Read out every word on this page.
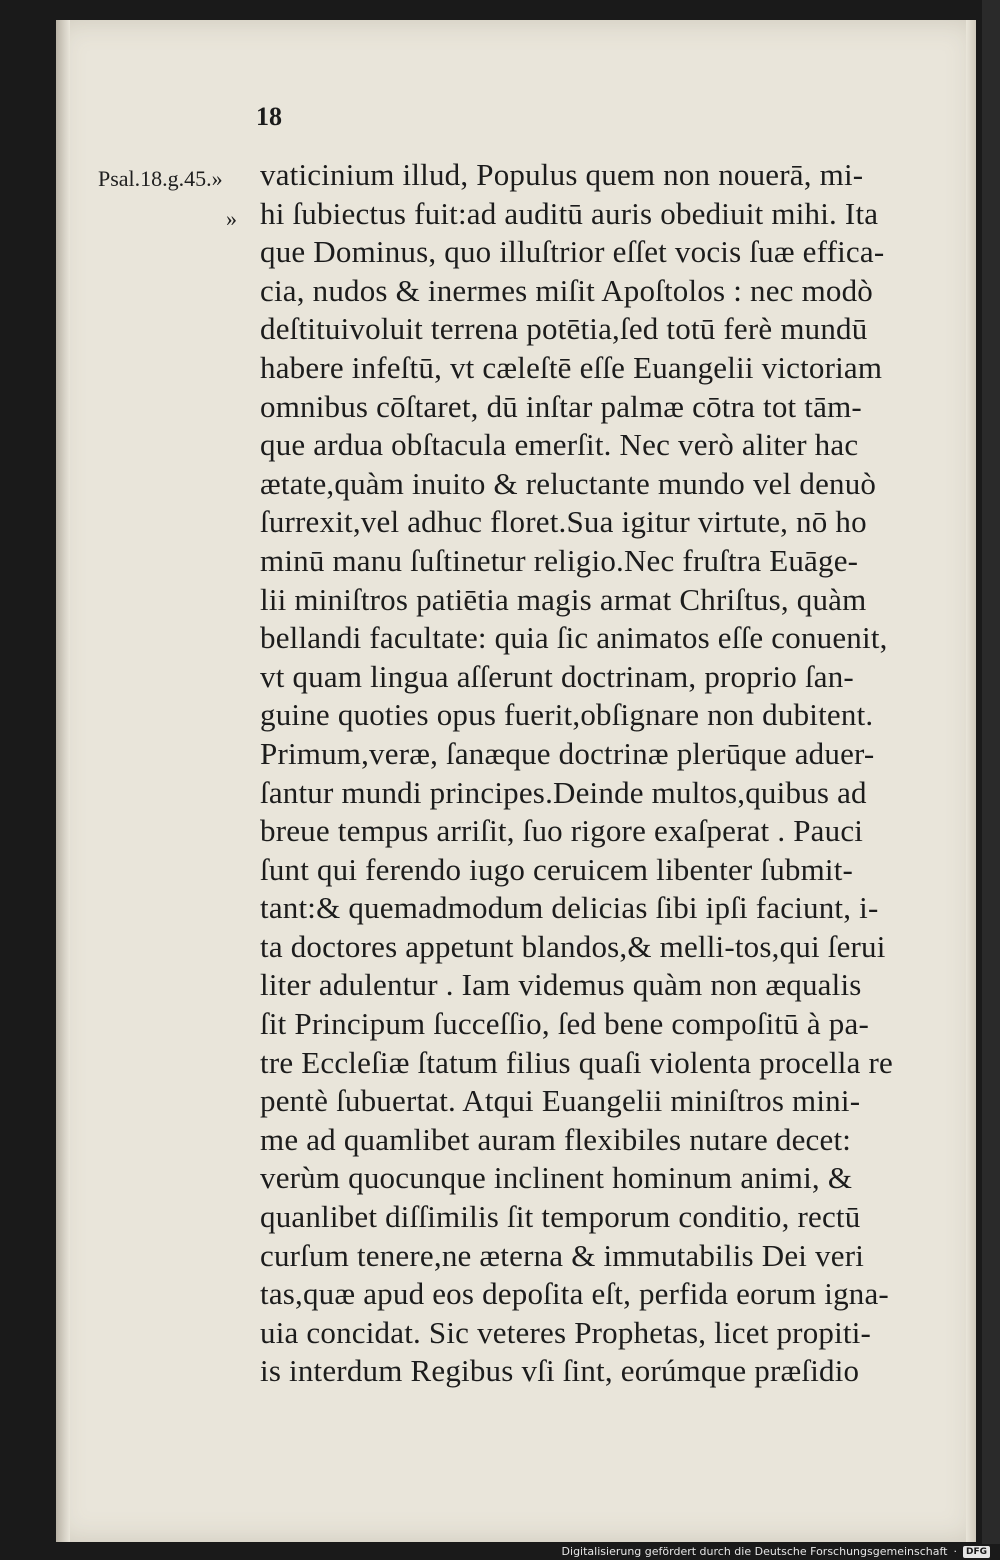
18

Psal.18.g.45.»

»

vaticinium illud, Populus quem non nouerā, mi-
hi ſubiectus fuit:ad auditū auris obediuit mihi. Ita
que Dominus, quo illuſtrior eſſet vocis ſuæ effica-
cia, nudos & inermes miſit Apoſtolos : nec modò
deſtituivoluit terrena potētia,ſed totū ferè mundū
habere infeſtū, vt cæleſtē eſſe Euangelii victoriam
omnibus cōſtaret, dū inſtar palmæ cōtra tot tām-
que ardua obſtacula emerſit. Nec verò aliter hac
ætate,quàm inuito & reluctante mundo vel denuò
ſurrexit,vel adhuc floret.Sua igitur virtute, nō ho
minū manu ſuſtinetur religio.Nec fruſtra Euāge-
lii miniſtros patiētia magis armat Chriſtus, quàm
bellandi facultate: quia ſic animatos eſſe conuenit,
vt quam lingua aſſerunt doctrinam, proprio ſan-
guine quoties opus fuerit,obſignare non dubitent.
Primum,veræ, ſanæque doctrinæ plerūque aduer-
ſantur mundi principes.Deinde multos,quibus ad
breue tempus arriſit, ſuo rigore exaſperat . Pauci
ſunt qui ferendo iugo ceruicem libenter ſubmit-
tant:& quemadmodum delicias ſibi ipſi faciunt, i-
ta doctores appetunt blandos,& melli-tos,qui ſerui
liter adulentur . Iam videmus quàm non æqualis
ſit Principum ſucceſſio, ſed bene compoſitū à pa-
tre Eccleſiæ ſtatum filius quaſi violenta procella re
pentè ſubuertat. Atqui Euangelii miniſtros mini-
me ad quamlibet auram flexibiles nutare decet:
verùm quocunque inclinent hominum animi, &
quanlibet diſſimilis ſit temporum conditio, rectū
curſum tenere,ne æterna & immutabilis Dei veri
tas,quæ apud eos depoſita eſt, perfida eorum igna-
uia concidat. Sic veteres Prophetas, licet propiti-
is interdum Regibus vſi ſint, eorúmque præſidio
Digitalisierung gefördert durch die Deutsche Forschungsgemeinschaft ·	DFG
